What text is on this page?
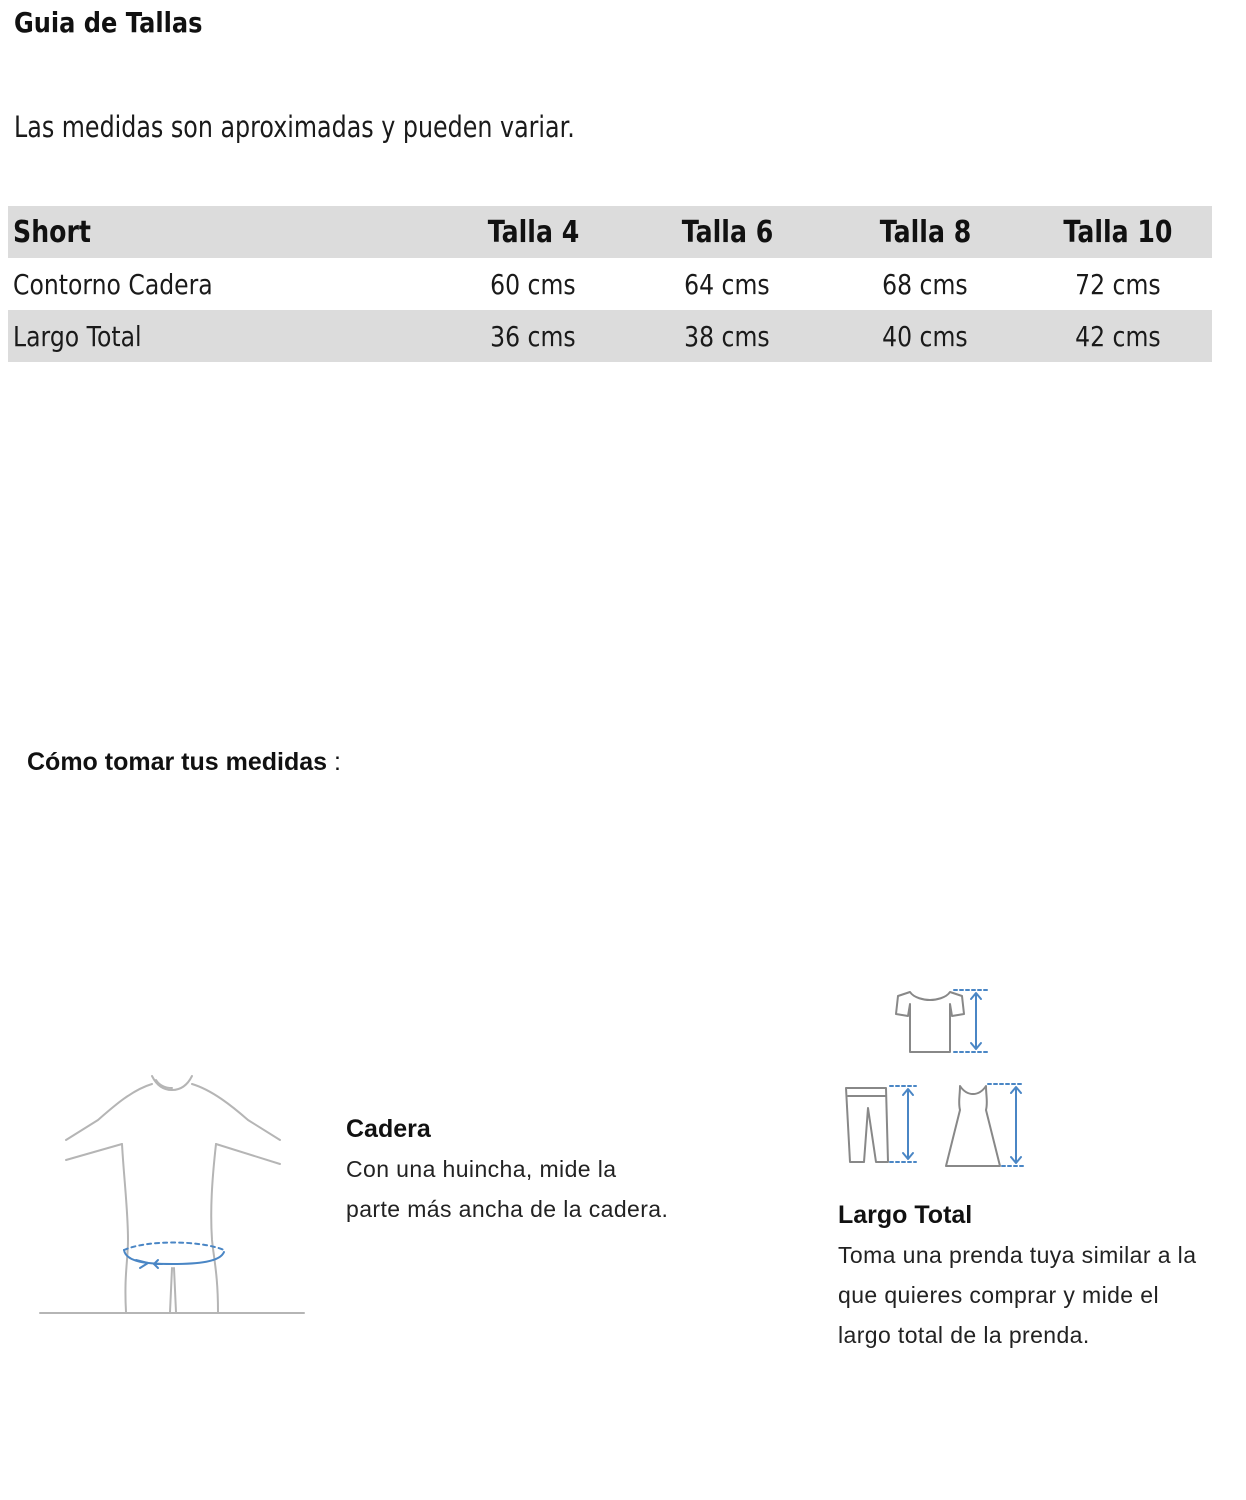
Guia de Tallas
Las medidas son aproximadas y pueden variar.
Short	Talla 4	Talla 6	Talla 8	Talla 10
Contorno Cadera	60 cms	64 cms	68 cms	72 cms
Largo Total	36 cms	38 cms	40 cms	42 cms
Cómo tomar tus medidas :
Cadera
Con una huincha, mide la parte más ancha de la cadera.	Largo Total
Toma una prenda tuya similar a la que quieres comprar y mide el largo total de la prenda.
